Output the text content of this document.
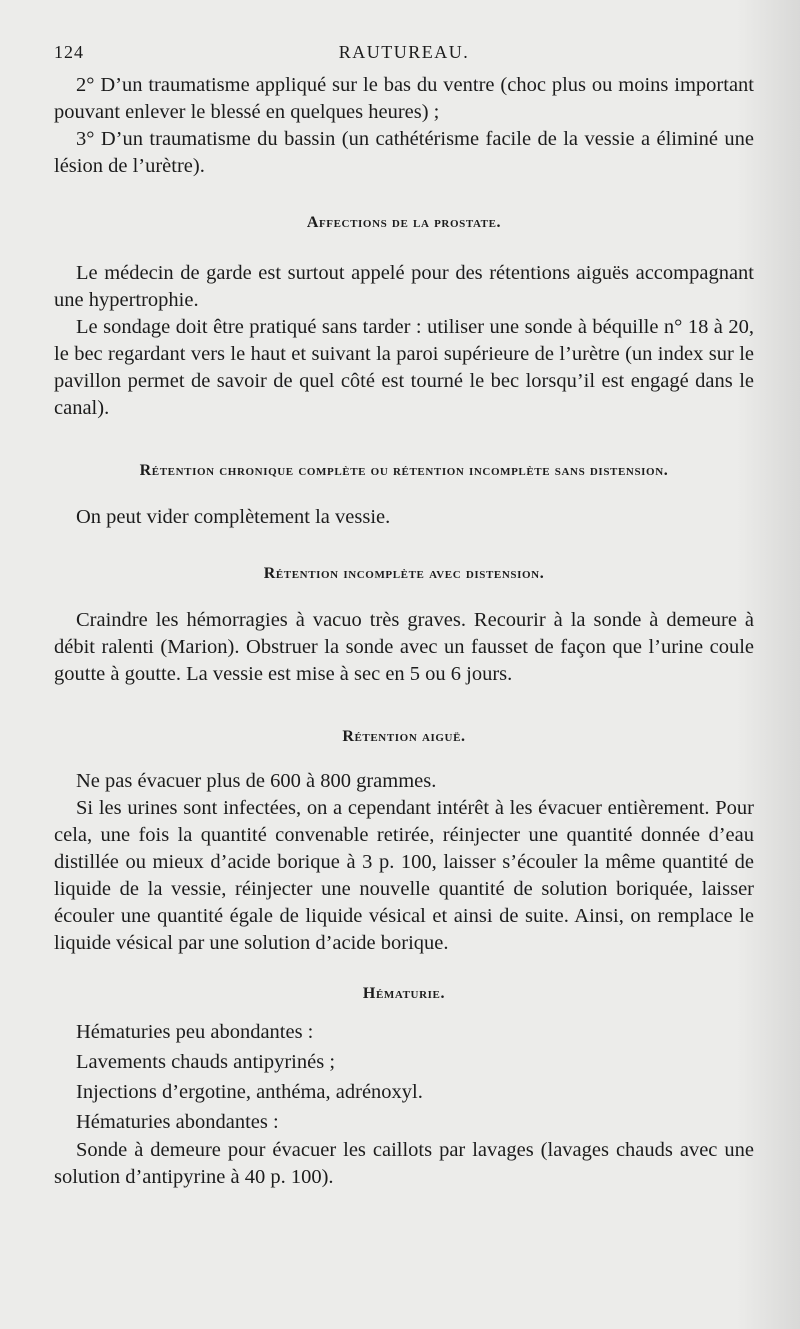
124	RAUTUREAU.

2° D’un traumatisme appliqué sur le bas du ventre (choc plus ou moins important pouvant enlever le blessé en quelques heures) ;

3° D’un traumatisme du bassin (un cathétérisme facile de la vessie a éliminé une lésion de l’urètre).

Affections de la prostate.

Le médecin de garde est surtout appelé pour des rétentions aiguës accompagnant une hypertrophie.

Le sondage doit être pratiqué sans tarder : utiliser une sonde à béquille n° 18 à 20, le bec regardant vers le haut et suivant la paroi supérieure de l’urètre (un index sur le pavillon permet de savoir de quel côté est tourné le bec lorsqu’il est engagé dans le canal).

Rétention chronique complète ou rétention incomplète sans distension.

On peut vider complètement la vessie.

Rétention incomplète avec distension.

Craindre les hémorragies à vacuo très graves. Recourir à la sonde à demeure à débit ralenti (Marion). Obstruer la sonde avec un fausset de façon que l’urine coule goutte à goutte. La vessie est mise à sec en 5 ou 6 jours.

Rétention aiguë.

Ne pas évacuer plus de 600 à 800 grammes.

Si les urines sont infectées, on a cependant intérêt à les évacuer entièrement. Pour cela, une fois la quantité convenable retirée, réinjecter une quantité donnée d’eau distillée ou mieux d’acide borique à 3 p. 100, laisser s’écouler la même quantité de liquide de la vessie, réinjecter une nouvelle quantité de solution boriquée, laisser écouler une quantité égale de liquide vésical et ainsi de suite. Ainsi, on remplace le liquide vésical par une solution d’acide borique.

Hématurie.
Hématuries peu abondantes :
Lavements chauds antipyrinés ;
Injections d’ergotine, anthéma, adrénoxyl.
Hématuries abondantes :

Sonde à demeure pour évacuer les caillots par lavages (lavages chauds avec une solution d’antipyrine à 40 p. 100).
